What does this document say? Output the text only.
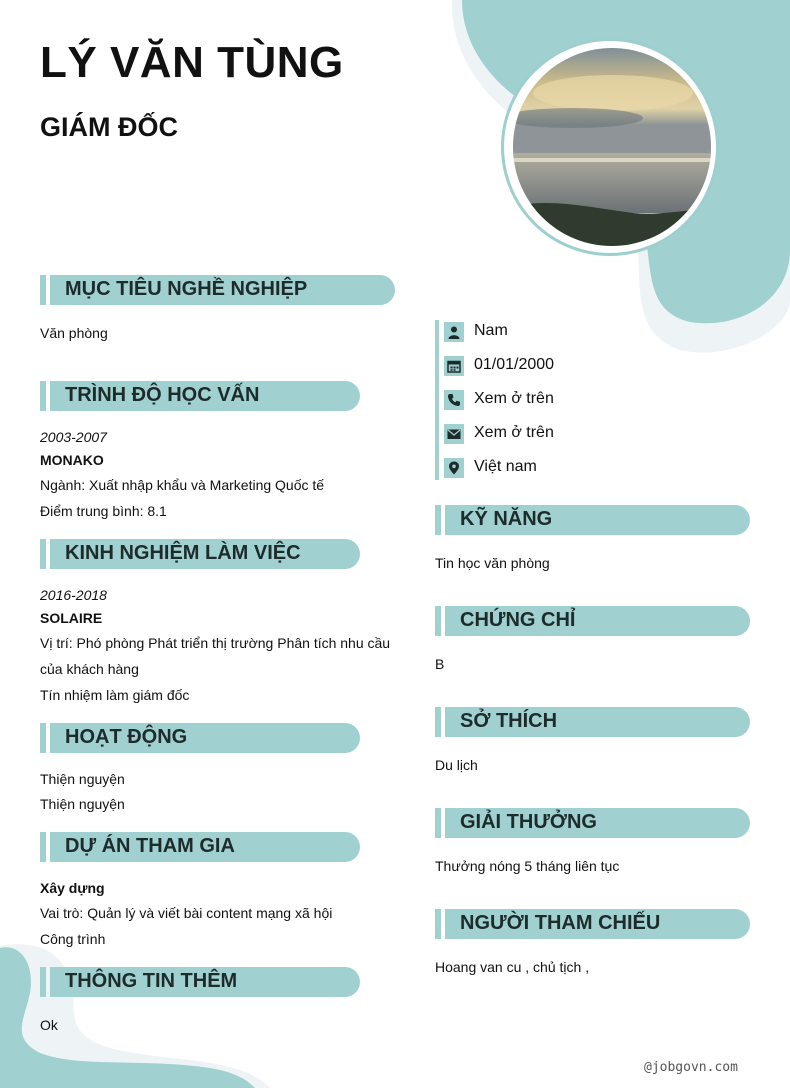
LÝ VĂN TÙNG
GIÁM ĐỐC
MỤC TIÊU NGHỀ NGHIỆP
Văn phòng
TRÌNH ĐỘ HỌC VẤN
2003-2007
MONAKO
Ngành: Xuất nhập khẩu và Marketing Quốc tế
Điểm trung bình: 8.1
KINH NGHIỆM LÀM VIỆC
2016-2018
SOLAIRE
Vị trí: Phó phòng Phát triển thị trường Phân tích nhu cầu
của khách hàng
Tín nhiệm làm giám đốc
HOẠT ĐỘNG
Thiện nguyện
Thiện nguyện
DỰ ÁN THAM GIA
Xây dựng
Vai trò: Quản lý và viết bài content mạng xã hội
Công trình
THÔNG TIN THÊM
Ok
Nam
01/01/2000
Xem ở trên
Xem ở trên
Việt nam
KỸ NĂNG
Tin học văn phòng
CHỨNG CHỈ
B
SỞ THÍCH
Du lịch
GIẢI THƯỞNG
Thưởng nóng 5 tháng liên tục
NGƯỜI THAM CHIẾU
Hoang van cu , chủ tịch ,
@jobgovn.com
